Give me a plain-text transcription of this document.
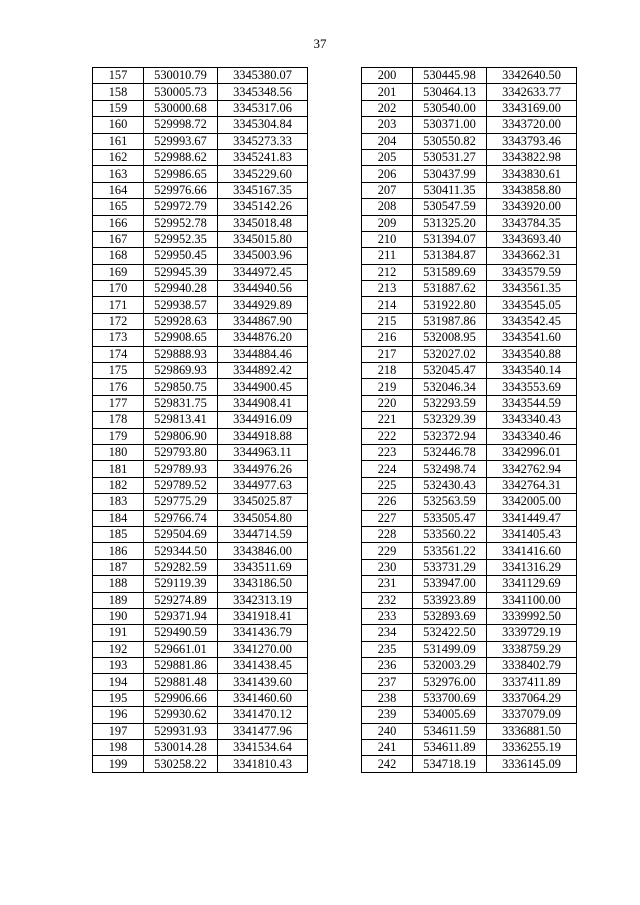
37
157	530010.79	3345380.07
158	530005.73	3345348.56
159	530000.68	3345317.06
160	529998.72	3345304.84
161	529993.67	3345273.33
162	529988.62	3345241.83
163	529986.65	3345229.60
164	529976.66	3345167.35
165	529972.79	3345142.26
166	529952.78	3345018.48
167	529952.35	3345015.80
168	529950.45	3345003.96
169	529945.39	3344972.45
170	529940.28	3344940.56
171	529938.57	3344929.89
172	529928.63	3344867.90
173	529908.65	3344876.20
174	529888.93	3344884.46
175	529869.93	3344892.42
176	529850.75	3344900.45
177	529831.75	3344908.41
178	529813.41	3344916.09
179	529806.90	3344918.88
180	529793.80	3344963.11
181	529789.93	3344976.26
182	529789.52	3344977.63
183	529775.29	3345025.87
184	529766.74	3345054.80
185	529504.69	3344714.59
186	529344.50	3343846.00
187	529282.59	3343511.69
188	529119.39	3343186.50
189	529274.89	3342313.19
190	529371.94	3341918.41
191	529490.59	3341436.79
192	529661.01	3341270.00
193	529881.86	3341438.45
194	529881.48	3341439.60
195	529906.66	3341460.60
196	529930.62	3341470.12
197	529931.93	3341477.96
198	530014.28	3341534.64
199	530258.22	3341810.43
200	530445.98	3342640.50
201	530464.13	3342633.77
202	530540.00	3343169.00
203	530371.00	3343720.00
204	530550.82	3343793.46
205	530531.27	3343822.98
206	530437.99	3343830.61
207	530411.35	3343858.80
208	530547.59	3343920.00
209	531325.20	3343784.35
210	531394.07	3343693.40
211	531384.87	3343662.31
212	531589.69	3343579.59
213	531887.62	3343561.35
214	531922.80	3343545.05
215	531987.86	3343542.45
216	532008.95	3343541.60
217	532027.02	3343540.88
218	532045.47	3343540.14
219	532046.34	3343553.69
220	532293.59	3343544.59
221	532329.39	3343340.43
222	532372.94	3343340.46
223	532446.78	3342996.01
224	532498.74	3342762.94
225	532430.43	3342764.31
226	532563.59	3342005.00
227	533505.47	3341449.47
228	533560.22	3341405.43
229	533561.22	3341416.60
230	533731.29	3341316.29
231	533947.00	3341129.69
232	533923.89	3341100.00
233	532893.69	3339992.50
234	532422.50	3339729.19
235	531499.09	3338759.29
236	532003.29	3338402.79
237	532976.00	3337411.89
238	533700.69	3337064.29
239	534005.69	3337079.09
240	534611.59	3336881.50
241	534611.89	3336255.19
242	534718.19	3336145.09
